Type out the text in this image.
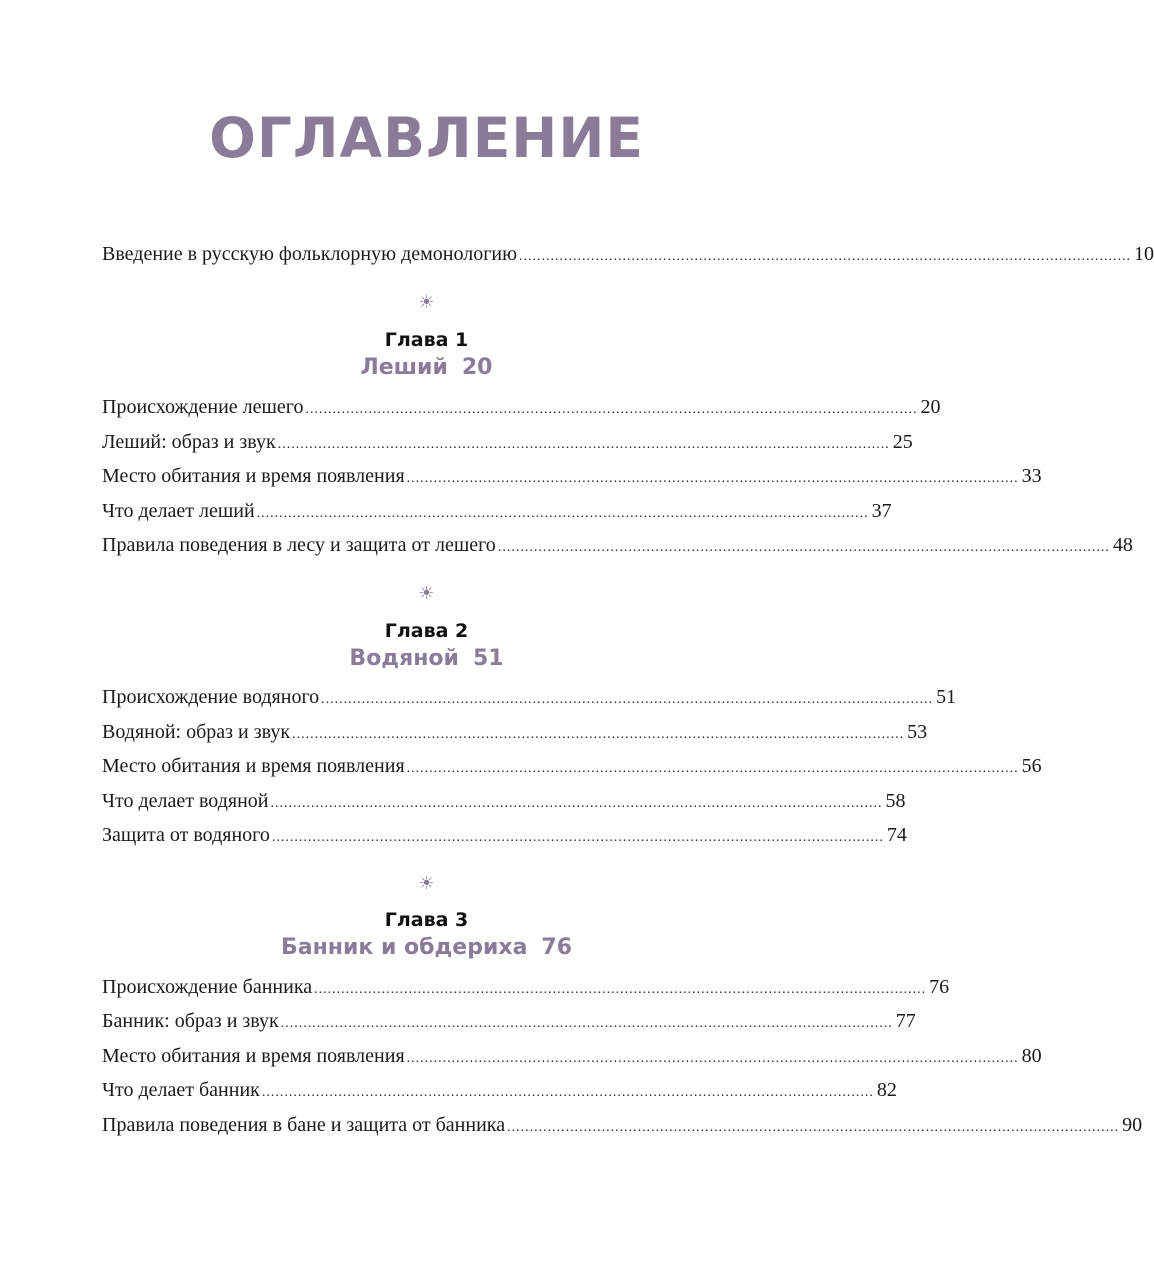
ОГЛАВЛЕНИЕ
Введение в русскую фольклорную демонологию ........................................................................................................................................ 10
☀
Глава 1
Леший 20
Происхождение лешего ........................................................................................................................................ 20
Леший: образ и звук ........................................................................................................................................ 25
Место обитания и время появления ........................................................................................................................................ 33
Что делает леший ........................................................................................................................................ 37
Правила поведения в лесу и защита от лешего ........................................................................................................................................ 48
☀
Глава 2
Водяной 51
Происхождение водяного ........................................................................................................................................ 51
Водяной: образ и звук ........................................................................................................................................ 53
Место обитания и время появления ........................................................................................................................................ 56
Что делает водяной ........................................................................................................................................ 58
Защита от водяного ........................................................................................................................................ 74
☀
Глава 3
Банник и обдериха 76
Происхождение банника ........................................................................................................................................ 76
Банник: образ и звук ........................................................................................................................................ 77
Место обитания и время появления ........................................................................................................................................ 80
Что делает банник ........................................................................................................................................ 82
Правила поведения в бане и защита от банника ........................................................................................................................................ 90
